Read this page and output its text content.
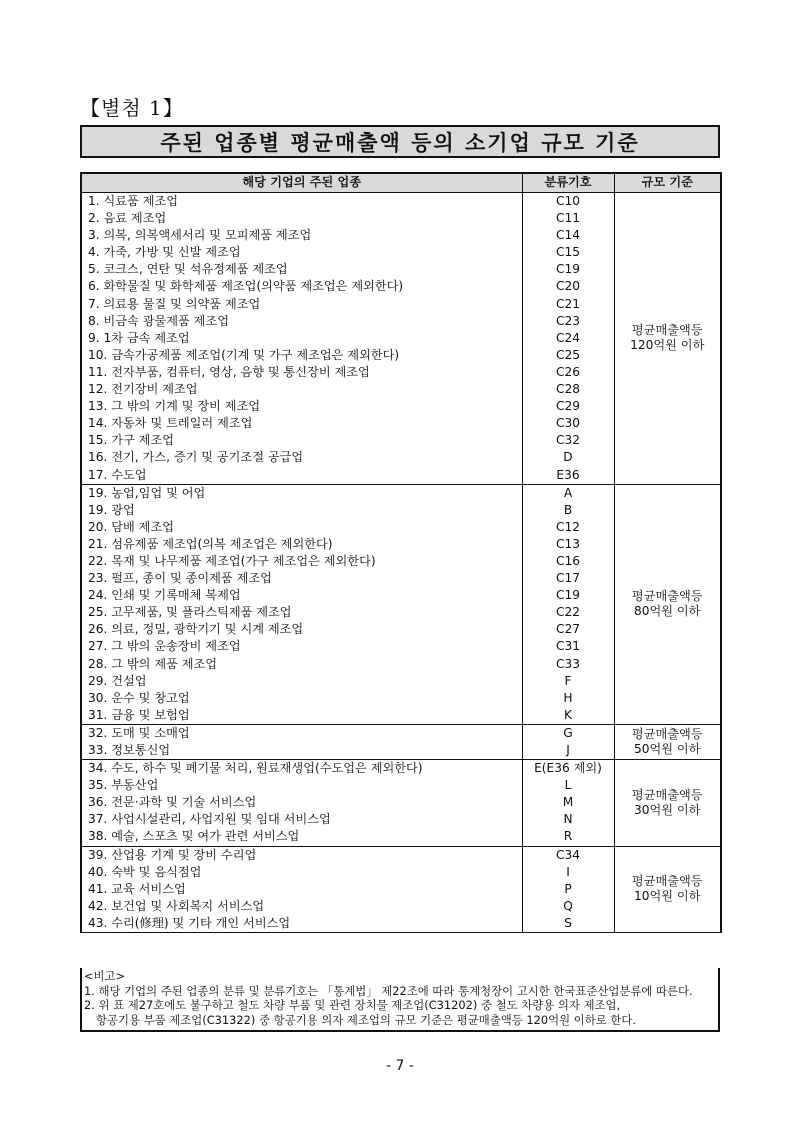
【별첨 1】
주된 업종별 평균매출액 등의 소기업 규모 기준
해당 기업의 주된 업종	분류기호	규모 기준
1. 식료품 제조업	C10	평균매출액등 120억원 이하
2. 음료 제조업	C11	
3. 의복, 의복액세서리 및 모피제품 제조업	C14	
4. 가죽, 가방 및 신발 제조업	C15	
5. 코크스, 연탄 및 석유정제품 제조업	C19	
6. 화학물질 및 화학제품 제조업(의약품 제조업은 제외한다)	C20	
7. 의료용 물질 및 의약품 제조업	C21	
8. 비금속 광물제품 제조업	C23	
9. 1차 금속 제조업	C24	
10. 금속가공제품 제조업(기계 및 가구 제조업은 제외한다)	C25	
11. 전자부품, 컴퓨터, 영상, 음향 및 통신장비 제조업	C26	
12. 전기장비 제조업	C28	
13. 그 밖의 기계 및 장비 제조업	C29	
14. 자동차 및 트레일러 제조업	C30	
15. 가구 제조업	C32	
16. 전기, 가스, 증기 및 공기조절 공급업	D	
17. 수도업	E36	
19. 농업,임업 및 어업	A	평균매출액등 80억원 이하
19. 광업	B	
20. 담배 제조업	C12	
21. 섬유제품 제조업(의복 제조업은 제외한다)	C13	
22. 목재 및 나무제품 제조업(가구 제조업은 제외한다)	C16	
23. 펄프, 종이 및 종이제품 제조업	C17	
24. 인쇄 및 기록매체 복제업	C19	
25. 고무제품, 및 플라스틱제품 제조업	C22	
26. 의료, 정밀, 광학기기 및 시계 제조업	C27	
27. 그 밖의 운송장비 제조업	C31	
28. 그 밖의 제품 제조업	C33	
29. 건설업	F	
30. 운수 및 창고업	H	
31. 금융 및 보험업	K	
32. 도매 및 소매업	G	평균매출액등 50억원 이하
33. 정보통신업	J	
34. 수도, 하수 및 폐기물 처리, 원료재생업(수도업은 제외한다)	E(E36 제외)	평균매출액등 30억원 이하
35. 부동산업	L	
36. 전문·과학 및 기술 서비스업	M	
37. 사업시설관리, 사업지원 및 임대 서비스업	N	
38. 예술, 스포츠 및 여가 관련 서비스업	R	
39. 산업용 기계 및 장비 수리업	C34	평균매출액등 10억원 이하
40. 숙박 및 음식점업	I	
41. 교육 서비스업	P	
42. 보건업 및 사회복지 서비스업	Q	
43. 수리(修理) 및 기타 개인 서비스업	S	
<비고>
1. 해당 기업의 주된 업종의 분류 및 분류기호는 「통계법」 제22조에 따라 통계청장이 고시한 한국표준산업분류에 따른다.
2. 위 표 제27호에도 불구하고 철도 차량 부품 및 관련 장치물 제조업(C31202) 중 철도 차량용 의자 제조업,
항공기용 부품 제조업(C31322) 중 항공기용 의자 제조업의 규모 기준은 평균매출액등 120억원 이하로 한다.
- 7 -
